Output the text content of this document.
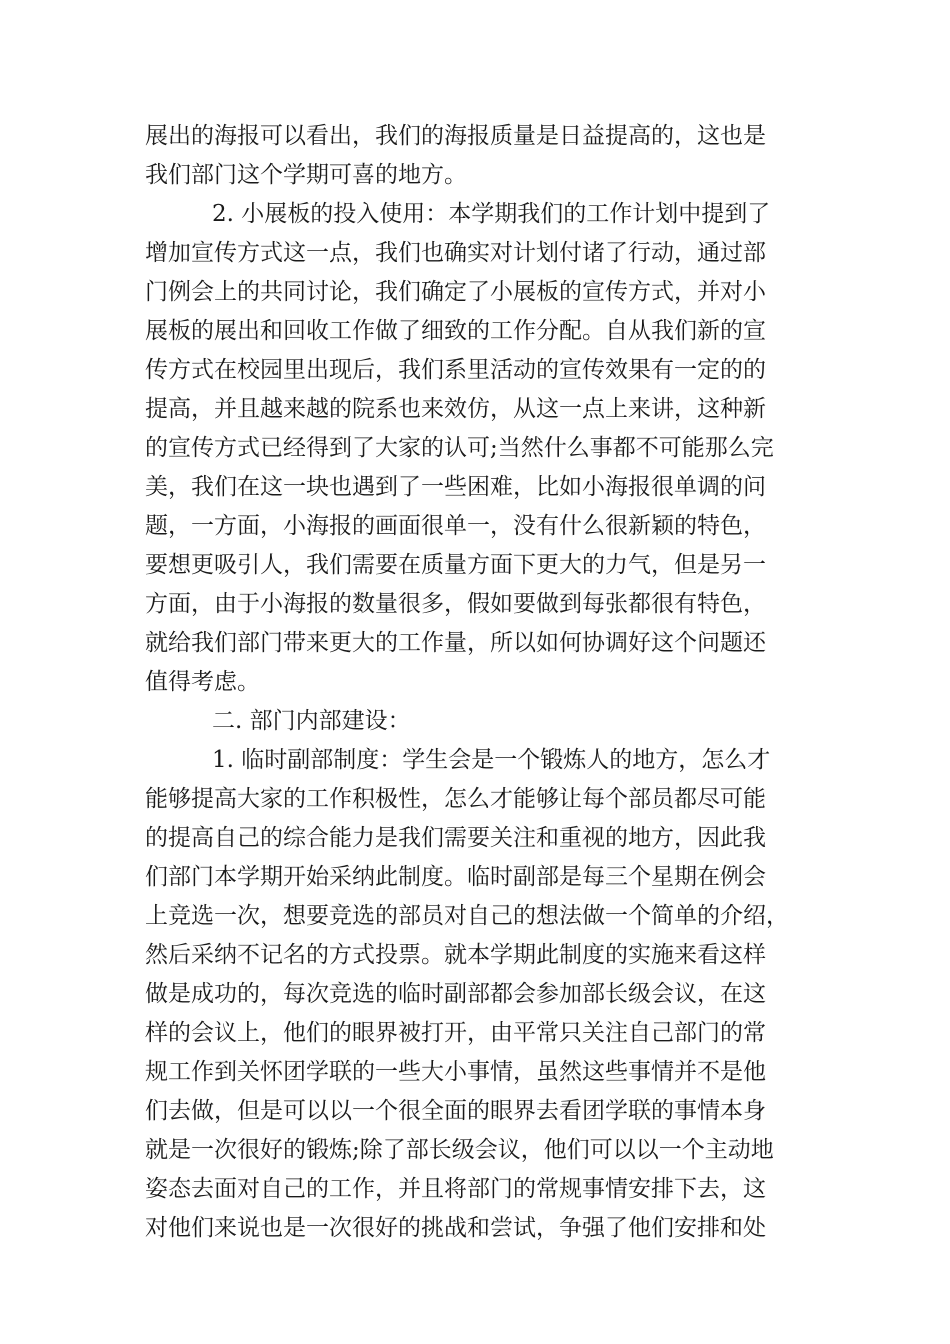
展出的海报可以看出，我们的海报质量是日益提高的，这也是

我们部门这个学期可喜的地方。

2. 小展板的投入使用：本学期我们的工作计划中提到了

增加宣传方式这一点，我们也确实对计划付诸了行动，通过部

门例会上的共同讨论，我们确定了小展板的宣传方式，并对小

展板的展出和回收工作做了细致的工作分配。自从我们新的宣

传方式在校园里出现后，我们系里活动的宣传效果有一定的的

提高，并且越来越的院系也来效仿，从这一点上来讲，这种新

的宣传方式已经得到了大家的认可;当然什么事都不可能那么完

美，我们在这一块也遇到了一些困难，比如小海报很单调的问

题，一方面，小海报的画面很单一，没有什么很新颖的特色，

要想更吸引人，我们需要在质量方面下更大的力气，但是另一

方面，由于小海报的数量很多，假如要做到每张都很有特色，

就给我们部门带来更大的工作量，所以如何协调好这个问题还

值得考虑。

二. 部门内部建设：

1. 临时副部制度：学生会是一个锻炼人的地方，怎么才

能够提高大家的工作积极性，怎么才能够让每个部员都尽可能

的提高自己的综合能力是我们需要关注和重视的地方，因此我

们部门本学期开始采纳此制度。临时副部是每三个星期在例会

上竞选一次，想要竞选的部员对自己的想法做一个简单的介绍，

然后采纳不记名的方式投票。就本学期此制度的实施来看这样

做是成功的，每次竞选的临时副部都会参加部长级会议，在这

样的会议上，他们的眼界被打开，由平常只关注自己部门的常

规工作到关怀团学联的一些大小事情，虽然这些事情并不是他

们去做，但是可以以一个很全面的眼界去看团学联的事情本身

就是一次很好的锻炼;除了部长级会议，他们可以以一个主动地

姿态去面对自己的工作，并且将部门的常规事情安排下去，这

对他们来说也是一次很好的挑战和尝试，争强了他们安排和处
